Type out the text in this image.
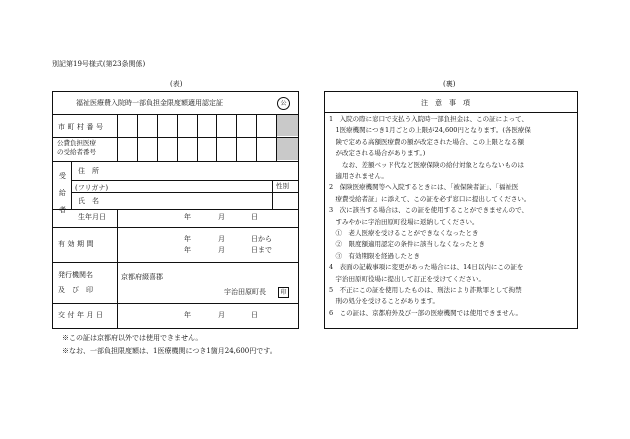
別記第19号様式(第23条関係)
(表)	(裏)
福祉医療費入院時一部負担金限度額適用認定証	公
市町村番号
公費負担医療
の受給者番号
受
給
者
住　所
(フリガナ)	性別
氏　名
生年月日	年	月	日
有効期間
年	月	日から
年	月	日まで
発行機関名
及　び　印
京都府綴喜郡
宇治田原町長	印
交付年月日	年	月	日
※この証は京都府以外では使用できません。
※なお、一部負担限度額は、1医療機関につき1箇月24,600円です。
注　意　事　項
1　入院の際に窓口で支払う入院時一部負担金は、この証によって、
　1医療機関につき1月ごとの上限が24,600円となります。(各医療保
　険で定める高額医療費の額が改定された場合、この上限となる額
　が改定される場合があります。)
　　なお、差額ベッド代など医療保険の給付対象とならないものは
　適用されません。
2　保険医療機関等へ入院するときには、「被保険者証」、「福祉医
　療費受給者証」に添えて、この証を必ず窓口に提出してください。
3　次に該当する場合は、この証を使用することができませんので、
　すみやかに宇治田原町役場に返納してください。
　①　老人医療を受けることができなくなったとき
　②　限度額適用認定の条件に該当しなくなったとき
　③　有効期限を経過したとき
4　表面の記載事項に変更があった場合には、14日以内にこの証を
　宇治田原町役場に提出して訂正を受けてください。
5　不正にこの証を使用したものは、刑法により詐欺罪として拘禁
　刑の処分を受けることがあります。
6　この証は、京都府外及び一部の医療機関では使用できません。
